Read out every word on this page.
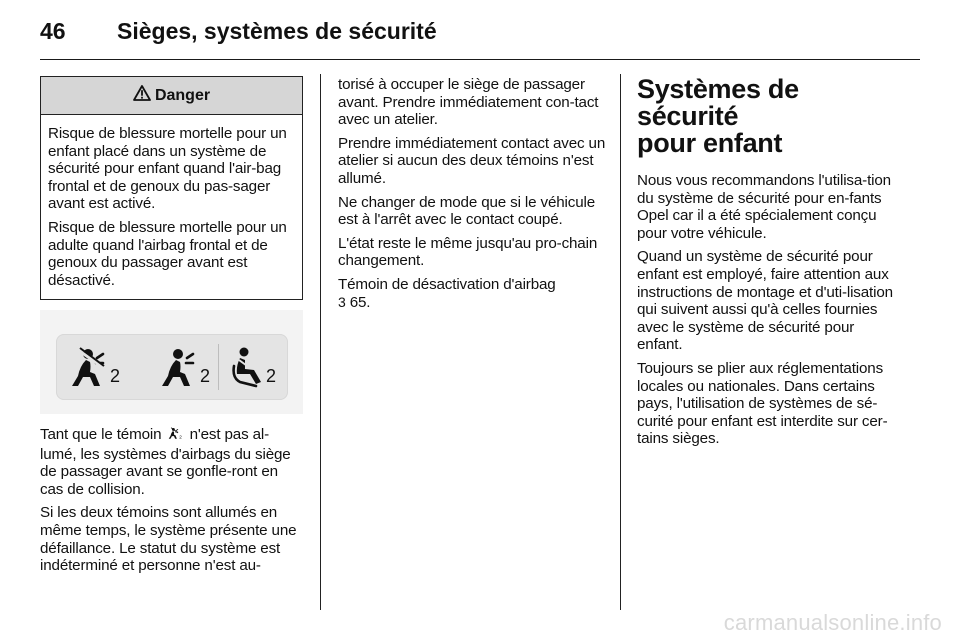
46 Sièges, systèmes de sécurité
Danger

Risque de blessure mortelle pour un enfant placé dans un système de sécurité pour enfant quand l'air-bag frontal et de genoux du pas-sager avant est activé.

Risque de blessure mortelle pour un adulte quand l'airbag frontal et de genoux du passager avant est désactivé.

2	2	2

Tant que le témoin 2 n'est pas al-lumé, les systèmes d'airbags du siège de passager avant se gonfle-ront en cas de collision.

Si les deux témoins sont allumés en même temps, le système présente une défaillance. Le statut du système est indéterminé et personne n'est au-

torisé à occuper le siège de passager avant. Prendre immédiatement con-tact avec un atelier.

Prendre immédiatement contact avec un atelier si aucun des deux témoins n'est allumé.

Ne changer de mode que si le véhicule est à l'arrêt avec le contact coupé.

L'état reste le même jusqu'au pro-chain changement.

Témoin de désactivation d'airbag
3 65.

Systèmes de sécurité
pour enfant

Nous vous recommandons l'utilisa-tion du système de sécurité pour en-fants Opel car il a été spécialement conçu pour votre véhicule.

Quand un système de sécurité pour enfant est employé, faire attention aux instructions de montage et d'uti-lisation qui suivent aussi qu'à celles fournies avec le système de sécurité pour enfant.

Toujours se plier aux réglementations locales ou nationales. Dans certains pays, l'utilisation de systèmes de sé-curité pour enfant est interdite sur cer-tains sièges.

carmanualsonline.info
